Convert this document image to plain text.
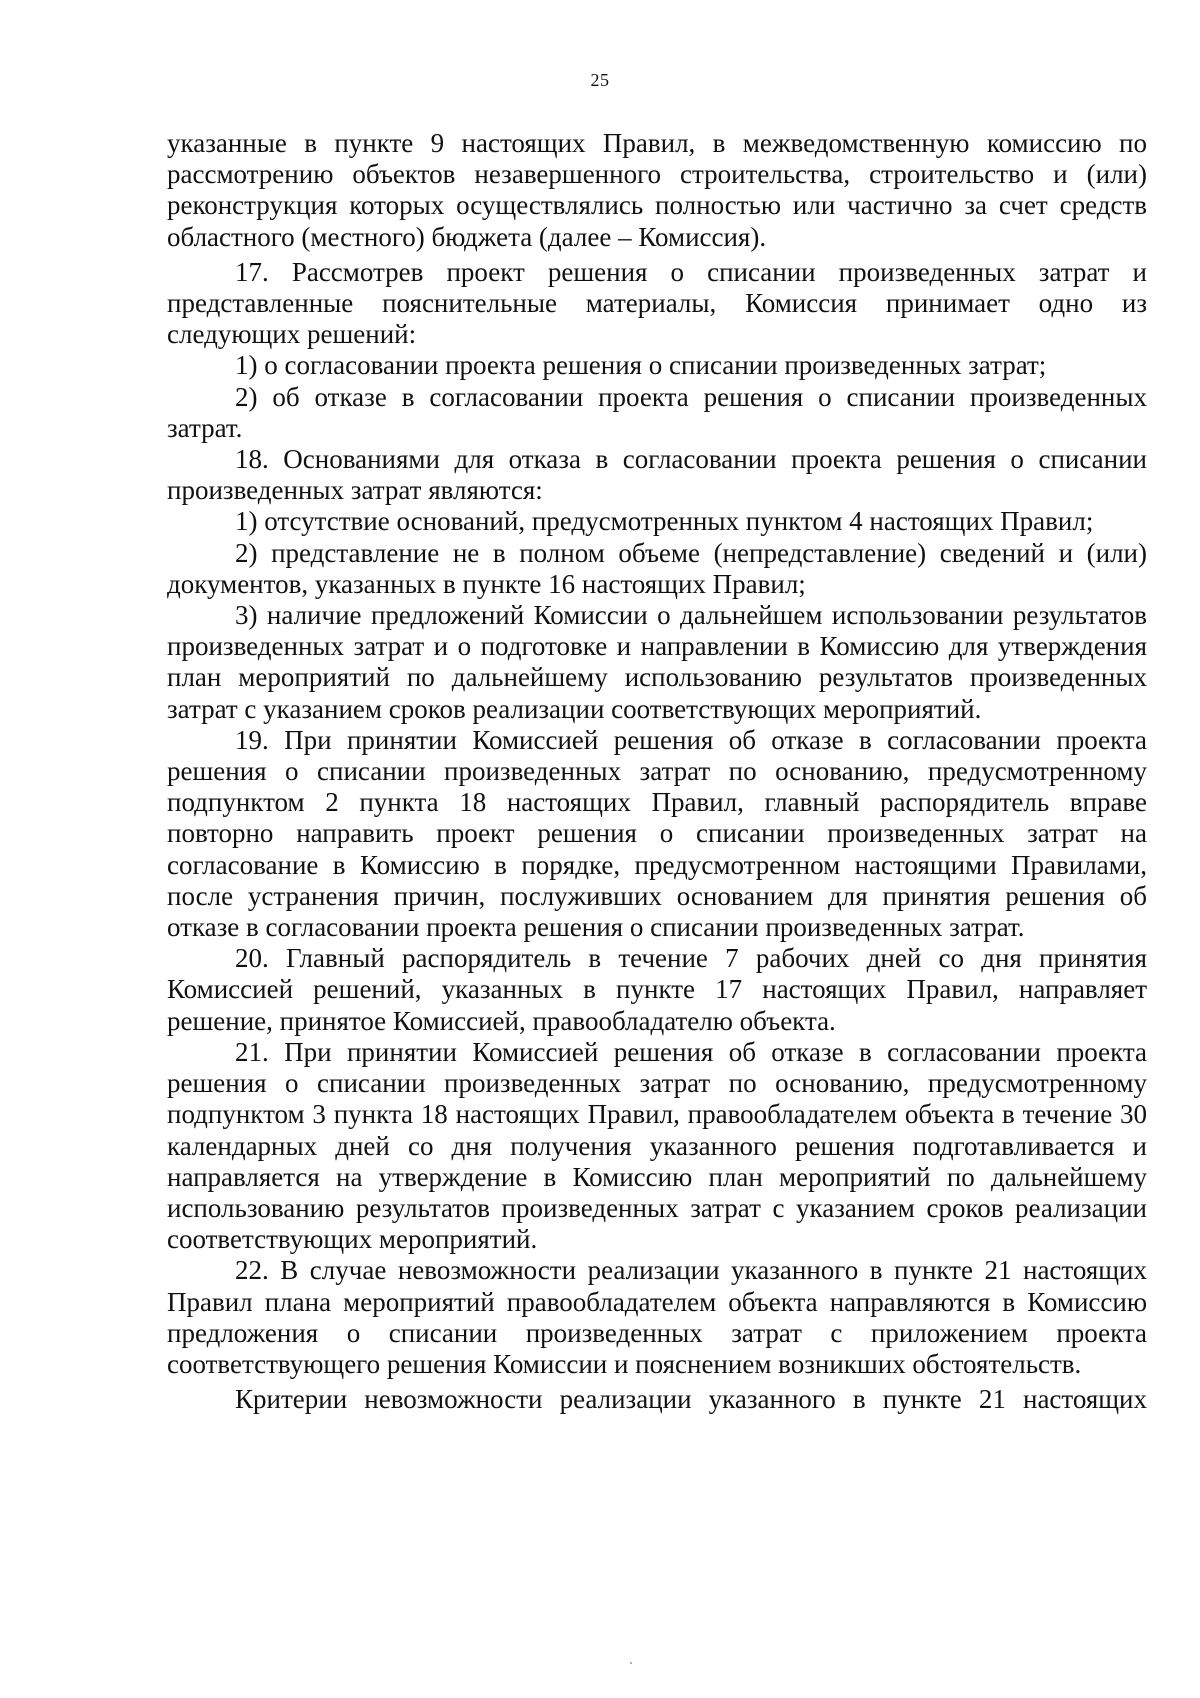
25

указанные в пункте 9 настоящих Правил, в межведомственную комиссию по рассмотрению объектов незавершенного строительства, строительство и (или) реконструкция которых осуществлялись полностью или частично за счет средств областного (местного) бюджета (далее – Комиссия).

17. Рассмотрев проект решения о списании произведенных затрат и представленные пояснительные материалы, Комиссия принимает одно из следующих решений:

1) о согласовании проекта решения о списании произведенных затрат;

2) об отказе в согласовании проекта решения о списании произведенных затрат.

18. Основаниями для отказа в согласовании проекта решения о списании произведенных затрат являются:

1) отсутствие оснований, предусмотренных пунктом 4 настоящих Правил;

2) представление не в полном объеме (непредставление) сведений и (или) документов, указанных в пункте 16 настоящих Правил;

3) наличие предложений Комиссии о дальнейшем использовании результатов произведенных затрат и о подготовке и направлении в Комиссию для утверждения план мероприятий по дальнейшему использованию результатов произведенных затрат с указанием сроков реализации соответствующих мероприятий.

19. При принятии Комиссией решения об отказе в согласовании проекта решения о списании произведенных затрат по основанию, предусмотренному подпунктом 2 пункта 18 настоящих Правил, главный распорядитель вправе повторно направить проект решения о списании произведенных затрат на согласование в Комиссию в порядке, предусмотренном настоящими Правилами, после устранения причин, послуживших основанием для принятия решения об отказе в согласовании проекта решения о списании произведенных затрат.

20. Главный распорядитель в течение 7 рабочих дней со дня принятия Комиссией решений, указанных в пункте 17 настоящих Правил, направляет решение, принятое Комиссией, правообладателю объекта.

21. При принятии Комиссией решения об отказе в согласовании проекта решения о списании произведенных затрат по основанию, предусмотренному подпунктом 3 пункта 18 настоящих Правил, правообладателем объекта в течение 30 календарных дней со дня получения указанного решения подготавливается и направляется на утверждение в Комиссию план мероприятий по дальнейшему использованию результатов произведенных затрат с указанием сроков реализации соответствующих мероприятий.

22. В случае невозможности реализации указанного в пункте 21 настоящих Правил плана мероприятий правообладателем объекта направляются в Комиссию предложения о списании произведенных затрат с приложением проекта соответствующего решения Комиссии и пояснением возникших обстоятельств.

Критерии невозможности реализации указанного в пункте 21 настоящих
